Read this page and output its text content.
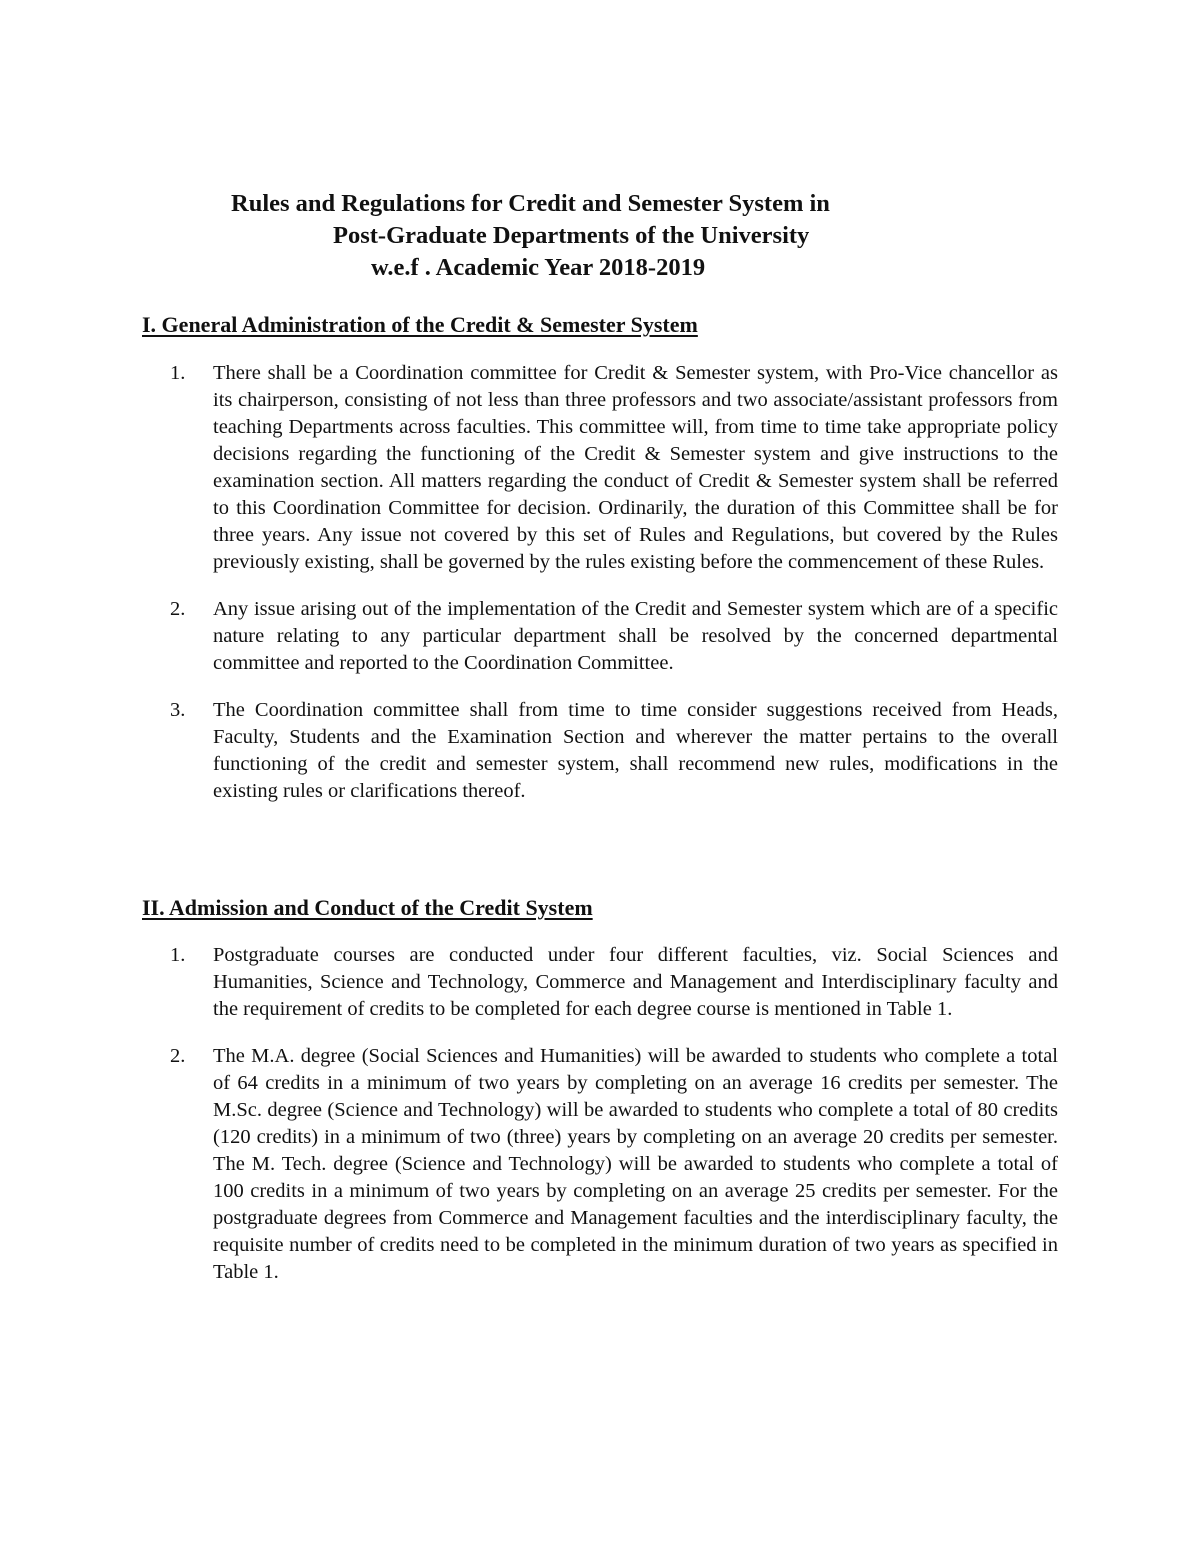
Rules and Regulations for Credit and Semester System in
Post-Graduate Departments of the University
w.e.f . Academic Year 2018-2019
I. General Administration of the Credit & Semester System
1. There shall be a Coordination committee for Credit & Semester system, with Pro-Vice chancellor as its chairperson, consisting of not less than three professors and two associate/assistant professors from teaching Departments across faculties. This committee will, from time to time take appropriate policy decisions regarding the functioning of the Credit & Semester system and give instructions to the examination section. All matters regarding the conduct of Credit & Semester system shall be referred to this Coordination Committee for decision. Ordinarily, the duration of this Committee shall be for three years. Any issue not covered by this set of Rules and Regulations, but covered by the Rules previously existing, shall be governed by the rules existing before the commencement of these Rules.
2. Any issue arising out of the implementation of the Credit and Semester system which are of a specific nature relating to any particular department shall be resolved by the concerned departmental committee and reported to the Coordination Committee.
3. The Coordination committee shall from time to time consider suggestions received from Heads, Faculty, Students and the Examination Section and wherever the matter pertains to the overall functioning of the credit and semester system, shall recommend new rules, modifications in the existing rules or clarifications thereof.
II. Admission and Conduct of the Credit System
1. Postgraduate courses are conducted under four different faculties, viz. Social Sciences and Humanities, Science and Technology, Commerce and Management and Interdisciplinary faculty and the requirement of credits to be completed for each degree course is mentioned in Table 1.
2. The M.A. degree (Social Sciences and Humanities) will be awarded to students who complete a total of 64 credits in a minimum of two years by completing on an average 16 credits per semester. The M.Sc. degree (Science and Technology) will be awarded to students who complete a total of 80 credits (120 credits) in a minimum of two (three) years by completing on an average 20 credits per semester. The M. Tech. degree (Science and Technology) will be awarded to students who complete a total of 100 credits in a minimum of two years by completing on an average 25 credits per semester. For the postgraduate degrees from Commerce and Management faculties and the interdisciplinary faculty, the requisite number of credits need to be completed in the minimum duration of two years as specified in Table 1.
